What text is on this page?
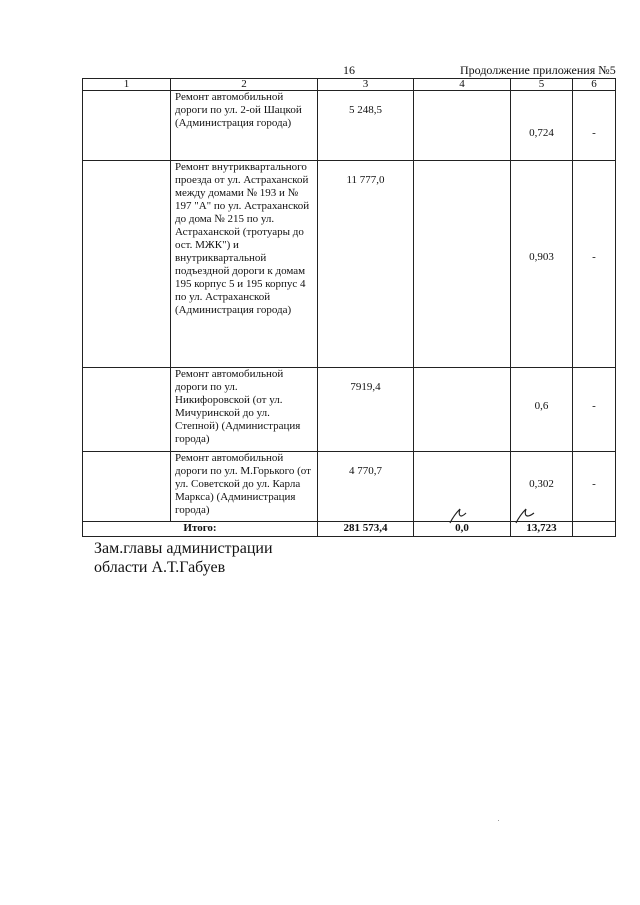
16	Продолжение приложения №5
1	2	3	4	5	6
	Ремонт автомобильной дороги по ул. 2-ой Шацкой (Администрация города)	5 248,5		0,724	-
	Ремонт внутриквартального проезда от ул. Астраханской между домами № 193 и № 197 "А" по ул. Астраханской до дома № 215 по ул. Астраханской (тротуары до ост. МЖК") и внутриквартальной подъездной дороги к домам 195 корпус 5 и 195 корпус 4 по ул. Астраханской (Администрация города)	11 777,0		0,903	-
	Ремонт автомобильной дороги по ул. Никифоровской (от ул. Мичуринской до ул. Степной) (Администрация города)	7919,4		0,6	-
	Ремонт автомобильной дороги по ул. М.Горького (от ул. Советской до ул. Карла Маркса) (Администрация города)	4 770,7		0,302	-
Итого:		281 573,4	0,0	13,723	
Зам.главы администрации
области А.Т.Габуев
